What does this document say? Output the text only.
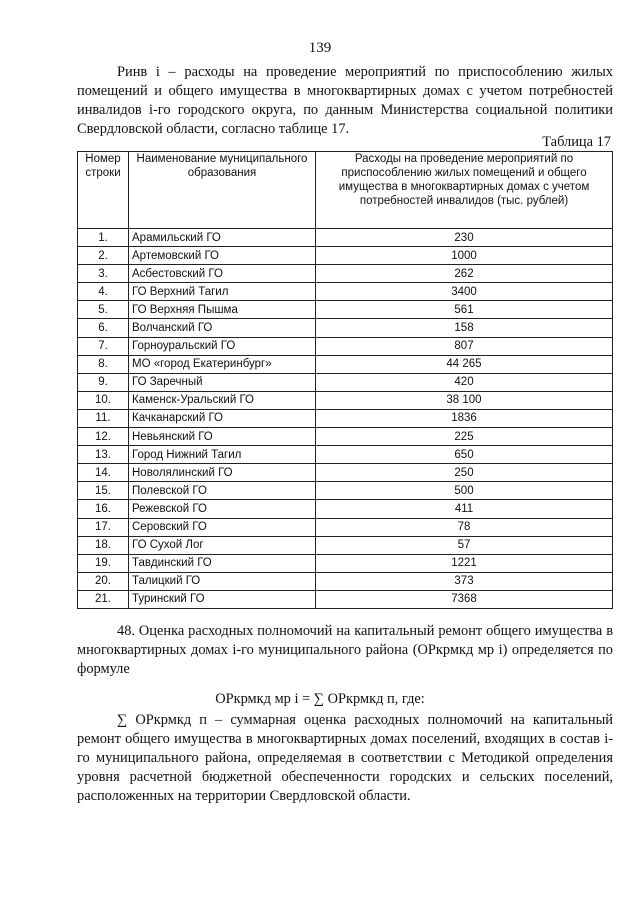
139

Ринв i – расходы на проведение мероприятий по приспособлению жилых помещений и общего имущества в многоквартирных домах с учетом потребностей инвалидов i-го городского округа, по данным Министерства социальной политики Свердловской области, согласно таблице 17.

Таблица 17
Номер строки	Наименование муниципального образования	Расходы на проведение мероприятий по приспособлению жилых помещений и общего имущества в многоквартирных домах с учетом потребностей инвалидов (тыс. рублей)
1.	Арамильский ГО	230
2.	Артемовский ГО	1000
3.	Асбестовский ГО	262
4.	ГО Верхний Тагил	3400
5.	ГО Верхняя Пышма	561
6.	Волчанский ГО	158
7.	Горноуральский ГО	807
8.	МО «город Екатеринбург»	44 265
9.	ГО Заречный	420
10.	Каменск-Уральский ГО	38 100
11.	Качканарский ГО	1836
12.	Невьянский ГО	225
13.	Город Нижний Тагил	650
14.	Новолялинский ГО	250
15.	Полевской ГО	500
16.	Режевской ГО	411
17.	Серовский ГО	78
18.	ГО Сухой Лог	57
19.	Тавдинский ГО	1221
20.	Талицкий ГО	373
21.	Туринский ГО	7368

48. Оценка расходных полномочий на капитальный ремонт общего имущества в многоквартирных домах i-го муниципального района (ОРкрмкд мр i) определяется по формуле

ОРкрмкд мр i = ∑ ОРкрмкд п, где:

∑ ОРкрмкд п – суммарная оценка расходных полномочий на капитальный ремонт общего имущества в многоквартирных домах поселений, входящих в состав i-го муниципального района, определяемая в соответствии с Методикой определения уровня расчетной бюджетной обеспеченности городских и сельских поселений, расположенных на территории Свердловской области.
